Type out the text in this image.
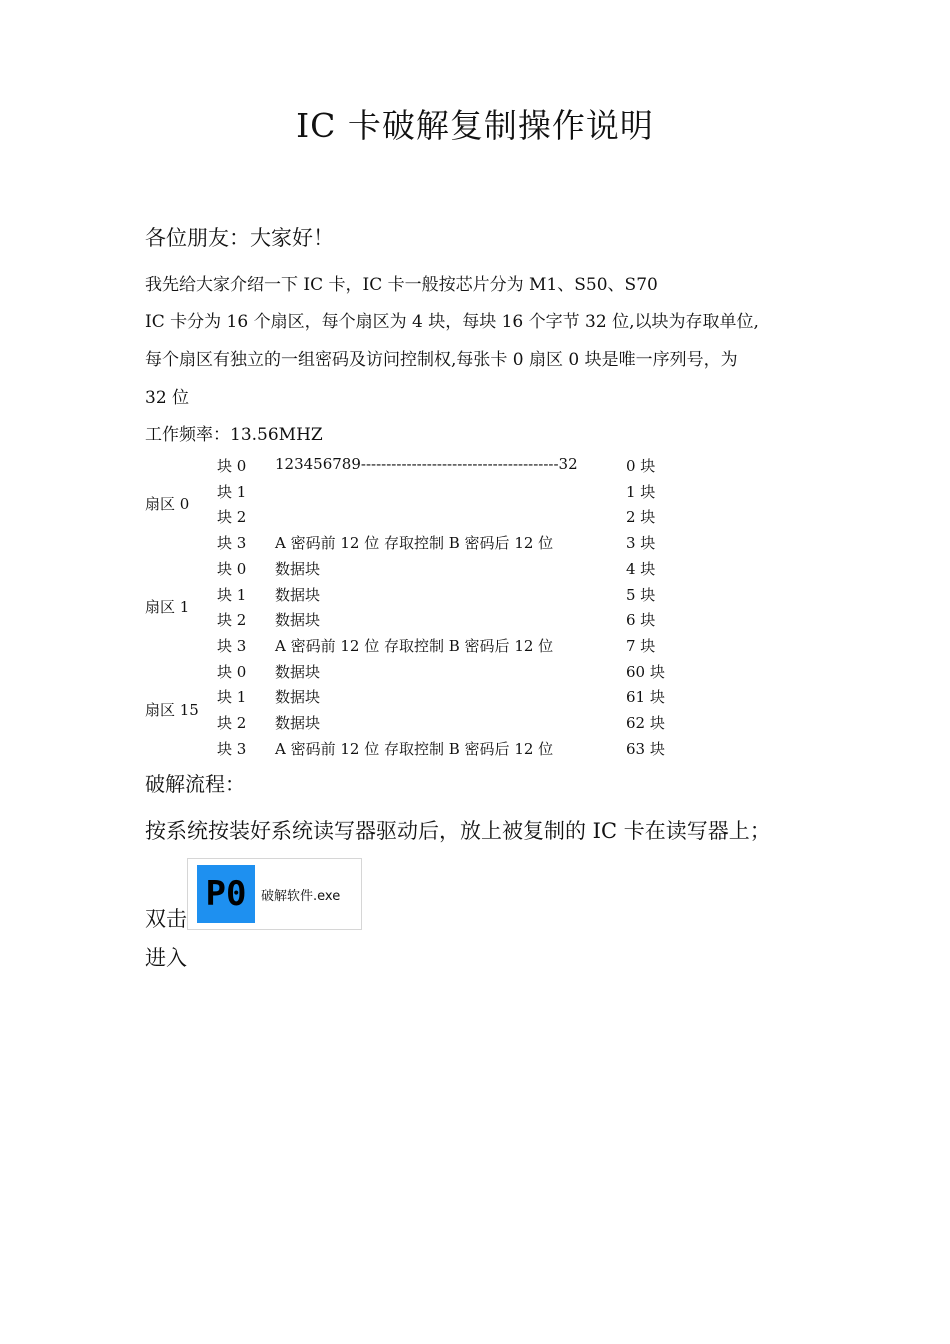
IC 卡破解复制操作说明
各位朋友：大家好！
我先给大家介绍一下 IC 卡，IC 卡一般按芯片分为 M1、S50、S70
IC 卡分为 16 个扇区，每个扇区为 4 块，每块 16 个字节 32 位,以块为存取单位,
每个扇区有独立的一组密码及访问控制权,每张卡 0 扇区 0 块是唯一序列号，为
32 位
工作频率：13.56MHZ
块 0 123456789---------------------------------------32	0 块
块 1	1 块
块 2	2 块
块 3 A 密码前 12 位 存取控制 B 密码后 12 位	3 块
扇区 0
块 0 数据块	4 块
块 1 数据块	5 块
块 2 数据块	6 块
块 3 A 密码前 12 位 存取控制 B 密码后 12 位	7 块
扇区 1
块 0 数据块	60 块
块 1 数据块	61 块
块 2 数据块	62 块
块 3 A 密码前 12 位 存取控制 B 密码后 12 位	63 块
扇区 15
破解流程：
按系统按装好系统读写器驱动后，放上被复制的 IC 卡在读写器上；
双击
P0	破解软件.exe
进入
